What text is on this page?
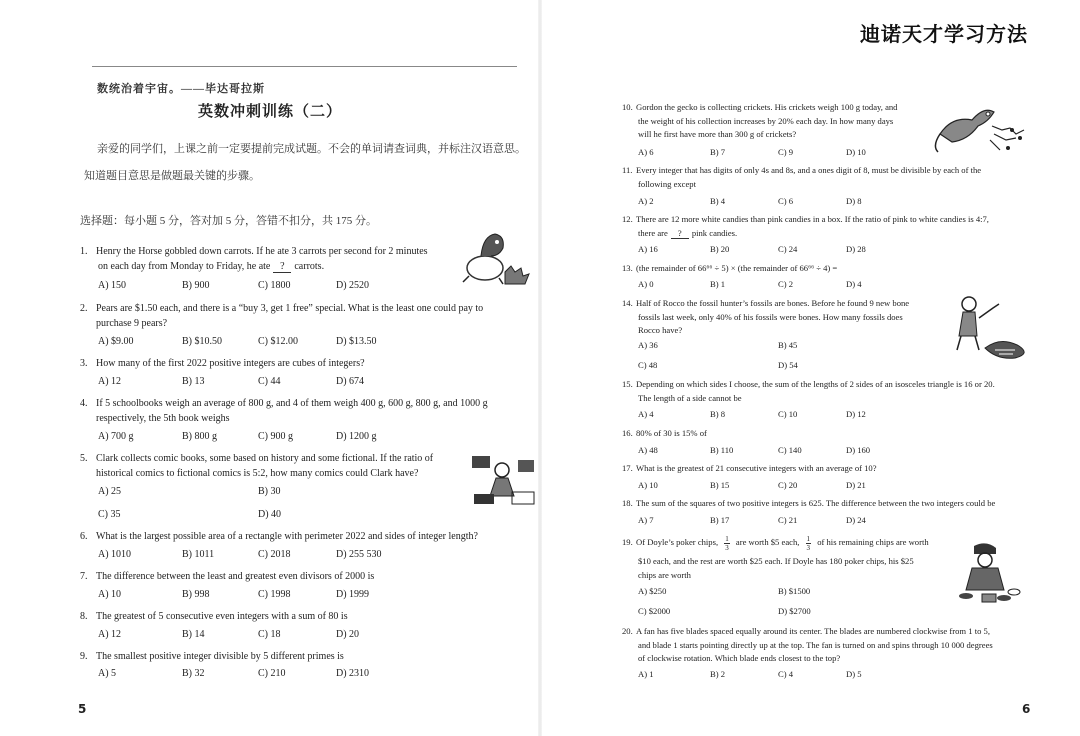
数统治着宇宙。——毕达哥拉斯
英数冲刺训练（二）
亲爱的同学们，上课之前一定要提前完成试题。不会的单词请查词典，并标注汉语意思。
知道题目意思是做题最关键的步骤。
选择题：每小题 5 分，答对加 5 分，答错不扣分，共 175 分。
1. Henry the Horse gobbled down carrots. If he ate 3 carrots per second for 2 minutes
on each day from Monday to Friday, he ate ? carrots.
A) 150	B) 900	C) 1800	D) 2520
2. Pears are $1.50 each, and there is a “buy 3, get 1 free” special. What is the least one could pay to
purchase 9 pears?
A) $9.00	B) $10.50	C) $12.00	D) $13.50
3. How many of the first 2022 positive integers are cubes of integers?
A) 12	B) 13	C) 44	D) 674
4. If 5 schoolbooks weigh an average of 800 g, and 4 of them weigh 400 g, 600 g, 800 g, and 1000 g
respectively, the 5th book weighs
A) 700 g	B) 800 g	C) 900 g	D) 1200 g
5. Clark collects comic books, some based on history and some fictional. If the ratio of
historical comics to fictional comics is 5:2, how many comics could Clark have?
A) 25	B) 30
C) 35	D) 40
6. What is the largest possible area of a rectangle with perimeter 2022 and sides of integer length?
A) 1010	B) 1011	C) 2018	D) 255 530
7. The difference between the least and greatest even divisors of 2000 is
A) 10	B) 998	C) 1998	D) 1999
8. The greatest of 5 consecutive even integers with a sum of 80 is
A) 12	B) 14	C) 18	D) 20
9. The smallest positive integer divisible by 5 different primes is
A) 5	B) 32	C) 210	D) 2310
5
迪诺天才学习方法
10. Gordon the gecko is collecting crickets. His crickets weigh 100 g today, and
the weight of his collection increases by 20% each day. In how many days
will he first have more than 300 g of crickets?
A) 6	B) 7	C) 9	D) 10
11. Every integer that has digits of only 4s and 8s, and a ones digit of 8, must be divisible by each of the
following except
A) 2	B) 4	C) 6	D) 8
12. There are 12 more white candies than pink candies in a box. If the ratio of pink to white candies is 4:7,
there are ? pink candies.
A) 16	B) 20	C) 24	D) 28
13. (the remainder of 66⁶⁶ ÷ 5) × (the remainder of 66⁶⁶ ÷ 4) =
A) 0	B) 1	C) 2	D) 4
14. Half of Rocco the fossil hunter’s fossils are bones. Before he found 9 new bone
fossils last week, only 40% of his fossils were bones. How many fossils does
Rocco have?
A) 36	B) 45
C) 48	D) 54
15. Depending on which sides I choose, the sum of the lengths of 2 sides of an isosceles triangle is 16 or 20.
The length of a side cannot be
A) 4	B) 8	C) 10	D) 12
16. 80% of 30 is 15% of
A) 48	B) 110	C) 140	D) 160
17. What is the greatest of 21 consecutive integers with an average of 10?
A) 10	B) 15	C) 20	D) 21
18. The sum of the squares of two positive integers is 625. The difference between the two integers could be
A) 7	B) 17	C) 21	D) 24
19. Of Doyle’s poker chips, $\frac{1}{3}$ are worth $5 each, $\frac{1}{3}$ of his remaining chips are worth
$10 each, and the rest are worth $25 each. If Doyle has 180 poker chips, his $25
chips are worth
A) $250	B) $1500
C) $2000	D) $2700
20. A fan has five blades spaced equally around its center. The blades are numbered clockwise from 1 to 5,
and blade 1 starts pointing directly up at the top. The fan is turned on and spins through 10 000 degrees
of clockwise rotation. Which blade ends closest to the top?
A) 1	B) 2	C) 4	D) 5
6
